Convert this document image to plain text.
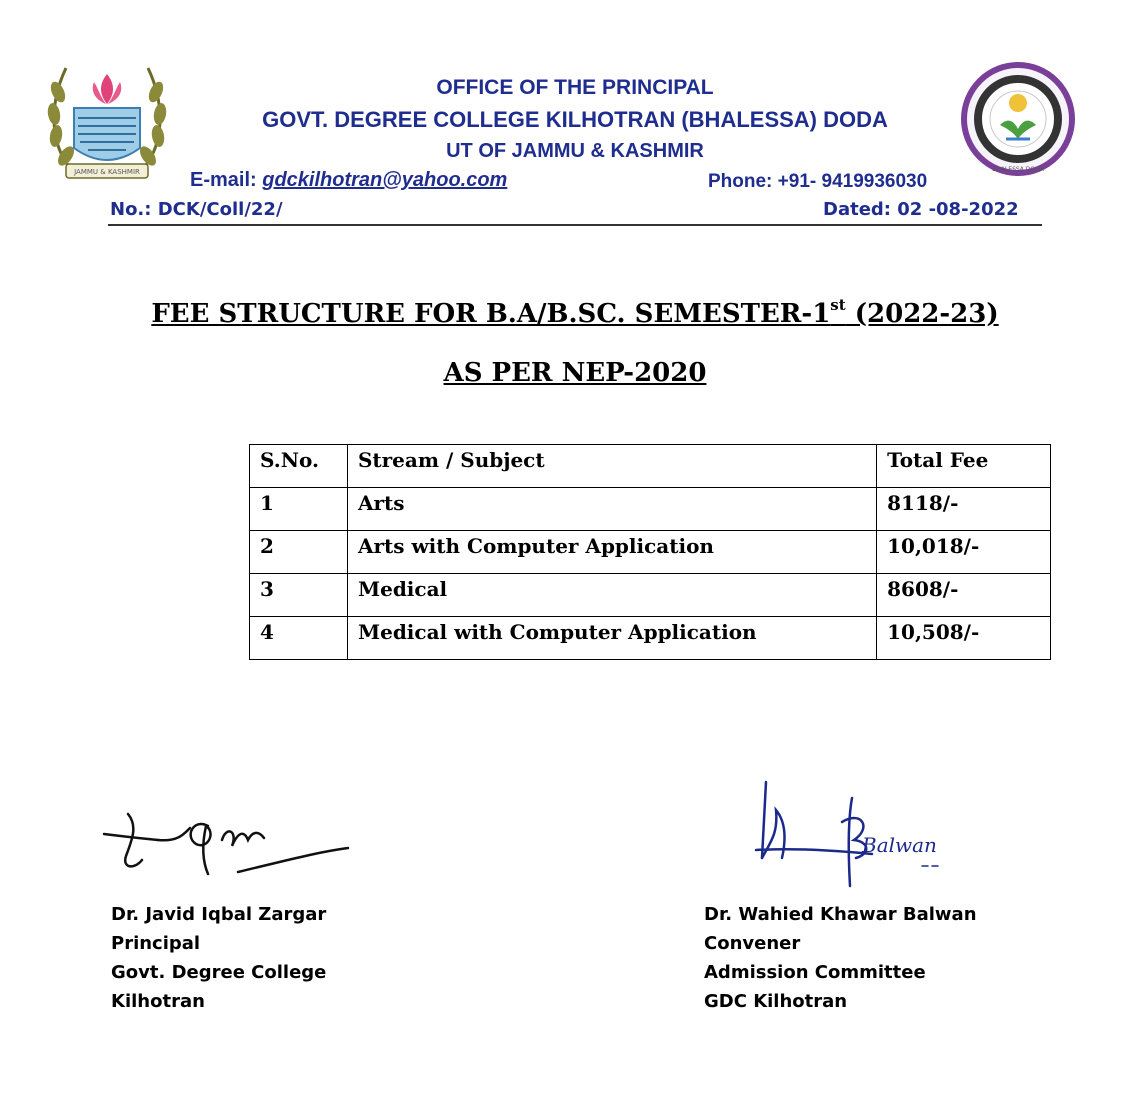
JAMMU & KASHMIR	BHALESSA DODA
OFFICE OF THE PRINCIPAL
GOVT. DEGREE COLLEGE KILHOTRAN (BHALESSA) DODA
UT OF JAMMU & KASHMIR
E-mail: gdckilhotran@yahoo.com	Phone: +91- 9419936030
No.: DCK/Coll/22/	Dated: 02 -08-2022
FEE STRUCTURE FOR B.A/B.SC. SEMESTER-1st (2022-23)
AS PER NEP-2020
S.No.	Stream / Subject	Total Fee
1	Arts	8118/-
2	Arts with Computer Application	10,018/-
3	Medical	8608/-
4	Medical with Computer Application	10,508/-
Balwan
Dr. Javid Iqbal Zargar
Principal
Govt. Degree College
Kilhotran
Dr. Wahied Khawar Balwan
Convener
Admission Committee
GDC Kilhotran
